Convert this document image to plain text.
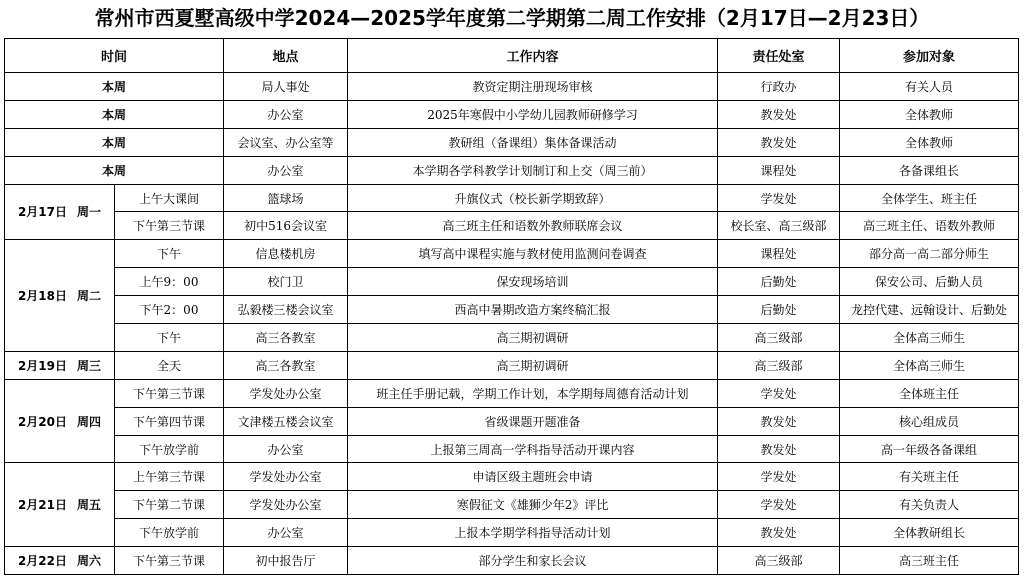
常州市西夏墅高级中学2024—2025学年度第二学期第二周工作安排（2月17日—2月23日）
时间		地点	工作内容	责任处室	参加对象
本周		局人事处	教资定期注册现场审核	行政办	有关人员
本周		办公室	2025年寒假中小学幼儿园教师研修学习	教发处	全体教师
本周		会议室、办公室等	教研组（备课组）集体备课活动	教发处	全体教师
本周		办公室	本学期各学科教学计划制订和上交（周三前）	课程处	各备课组长
2月17日 周一	上午大课间	篮球场	升旗仪式（校长新学期致辞）	学发处	全体学生、班主任
	下午第三节课	初中516会议室	高三班主任和语数外教师联席会议	校长室、高三级部	高三班主任、语数外教师
2月18日 周二	下午	信息楼机房	填写高中课程实施与教材使用监测问卷调查	课程处	部分高一高二部分师生
	上午9：00	校门卫	保安现场培训	后勤处	保安公司、后勤人员
	下午2：00	弘毅楼三楼会议室	西高中暑期改造方案终稿汇报	后勤处	龙控代建、远翰设计、后勤处
	下午	高三各教室	高三期初调研	高三级部	全体高三师生
2月19日 周三	全天	高三各教室	高三期初调研	高三级部	全体高三师生
2月20日 周四	下午第三节课	学发处办公室	班主任手册记载，学期工作计划，本学期每周德育活动计划	学发处	全体班主任
	下午第四节课	文津楼五楼会议室	省级课题开题准备	教发处	核心组成员
	下午放学前	办公室	上报第三周高一学科指导活动开课内容	教发处	高一年级各备课组
2月21日 周五	上午第三节课	学发处办公室	申请区级主题班会申请	学发处	有关班主任
	下午第二节课	学发处办公室	寒假征文《雄狮少年2》评比	学发处	有关负责人
	下午放学前	办公室	上报本学期学科指导活动计划	教发处	全体教研组长
2月22日 周六	下午第三节课	初中报告厅	部分学生和家长会议	高三级部	高三班主任
